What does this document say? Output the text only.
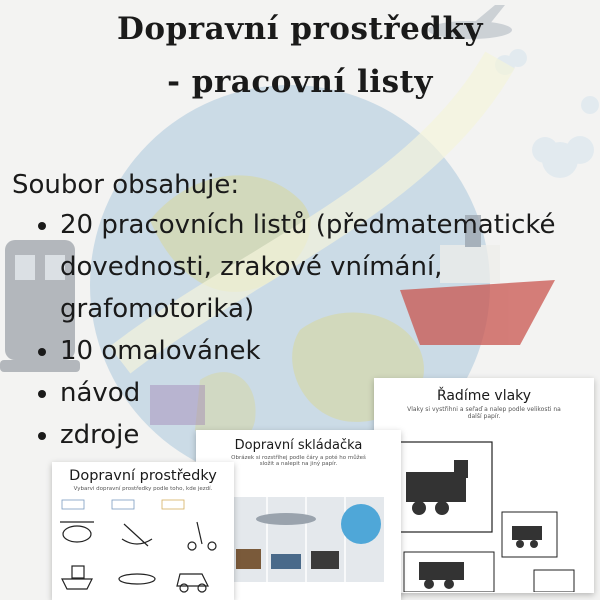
Dopravní prostředky
- pracovní listy
Soubor obsahuje:
• 20 pracovních listů (předmatematické dovednosti, zrakové vnímání, grafomotorika)
• 10 omalovánek
• návod
• zdroje
Řadíme vlaky

Vlaky si vystřihni a seřaď a nalep podle velikosti na další papír.

Dopravní skládačka

Obrázek si rozstříhej podle čáry a poté ho můžeš složit a nalepit na jiný papír.

Dopravní prostředky

Vybarvi dopravní prostředky podle toho, kde jezdí.
